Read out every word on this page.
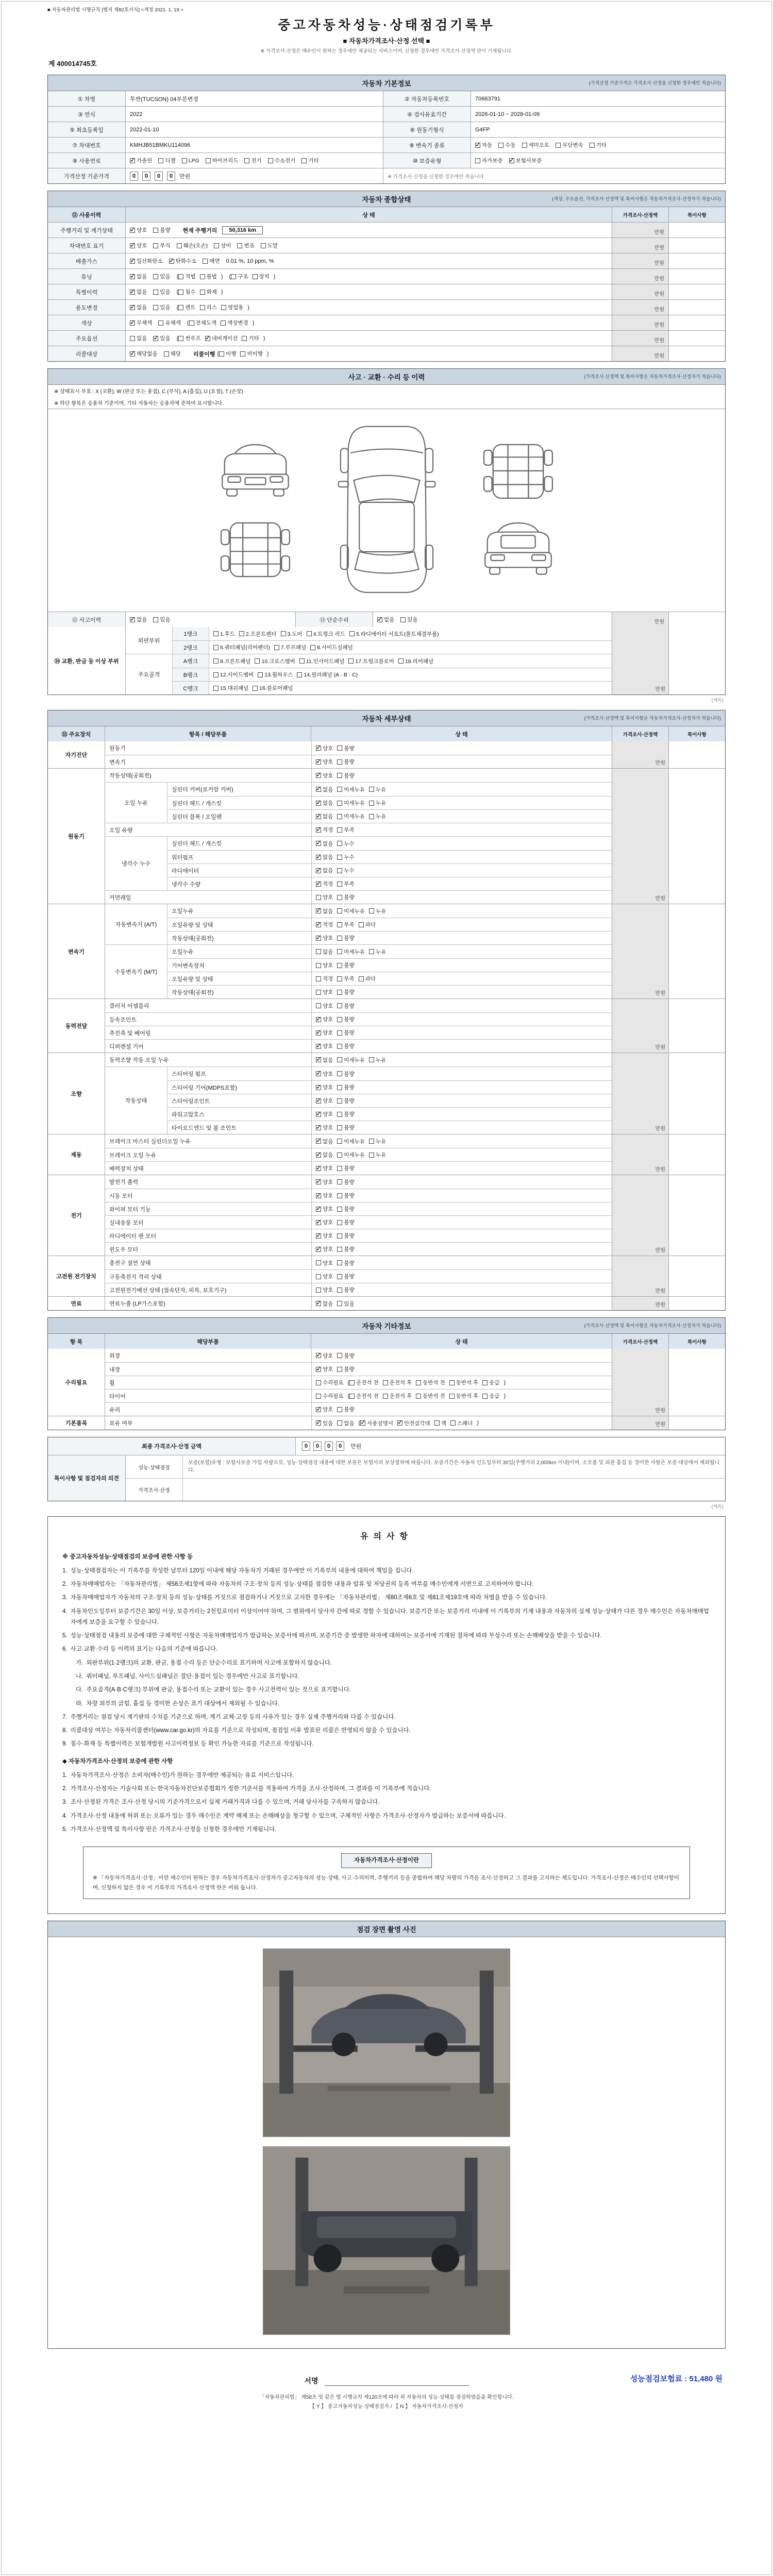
■ 자동차관리법 시행규칙 [별지 제82호서식] <개정 2021. 1. 19.>
중고자동차성능·상태점검기록부
■ 자동차가격조사·산정 선택 ■
※ 가격조사·산정은 매수인이 원하는 경우에만 제공되는 서비스이며, 신청한 경우에만 가격조사·산정액 란이 기재됩니다.
제 400014745호
자동차 기본정보	(가격산정 기준가격은 가격조사·산정을 신청한 경우에만 적습니다)
① 차명	투싼(TUCSON) 04부분변경	② 자동차등록번호	70663791
③ 연식	2022	④ 검사유효기간	2026-01-10 ~ 2028-01-09
⑤ 최초등록일	2022-01-10	⑥ 원동기형식	G4FP
⑦ 차대번호	KMHJB51BMKU114096	⑧ 변속기 종류 ✓	자동 수동 세미오토 무단변속 기타
⑨ 사용연료 ✓	가솔린 디젤 LPG 하이브리드 전기 수소전기 기타	⑩ 보증유형	자가보증 ✓ 보험사보증
가격산정 기준가격	0	0	0	0	만원	※ 가격조사·산정을 신청한 경우에만 적습니다
자동차 종합상태	(색상, 주요옵션, 가격조사·산정액 및 특이사항은 자동차가격조사·산정자가 적습니다)
⑪ 사용이력	상 태	가격조사·산정액	특이사항
주행거리 및 계기상태 ✓	양호 불량 현재 주행거리	50,316 km	만원
차대번호 표기 ✓	양호 부식 훼손(오손) 상이 변조 도말	만원
배출가스 ✓	일산화탄소 ✓ 탄화수소 매연 0.01 %, 10 ppm, %	만원
튜닝 ✓	없음 있음 ( 적법 불법 ) ( 구조 장치 )	만원
특별이력 ✓	없음 있음 ( 침수 화재 )	만원
용도변경 ✓	없음 있음 ( 렌트 리스 영업용 )	만원
색상 ✓	무채색 유채색 ( 전체도색 색상변경 )	만원
주요옵션	없음 ✓ 있음 ( 썬루프 ✓ 네비게이션 기타 )	만원
리콜대상 ✓	해당없음 해당 리콜이행 ( 이행 미이행 )	만원
사고 · 교환 · 수리 등 이력	(가격조사·산정액 및 특이사항은 자동차가격조사·산정자가 적습니다)
※ 상태표시 부호 : X (교환), W (판금 또는 용접), C (부식), A (흠집), U (요철), T (손상)
※ 하단 항목은 승용차 기준이며, 기타 자동차는 승용차에 준하여 표시합니다.
⑫ 사고이력 ✓	없음 있음	⑬ 단순수리 ✓	없음 있음	만원
⑭ 교환, 판금 등 이상 부위
외판부위
1랭크	1.후드 2.프론트펜더 3.도어 4.트렁크 리드 5.라디에이터 서포트(볼트체결부품)
2랭크	6.쿼터패널(리어펜더) 7.루프패널 8.사이드실패널
주요골격
A랭크	9.프론트패널 10.크로스멤버 11.인사이드패널 17.트렁크플로어 18.리어패널
B랭크	12.사이드멤버 13.휠하우스 14.필러패널 (A · B · C)
C랭크	15.대쉬패널 16.플로어패널	만원
(계속)
자동차 세부상태	(가격조사·산정액 및 특이사항은 자동차가격조사·산정자가 적습니다)
⑮ 주요장치	항목 / 해당부품	상 태	가격조사·산정액	특이사항
자기진단
원동기 ✓	양호 불량
변속기 ✓	양호 불량	만원
원동기
작동상태(공회전) ✓	양호 불량
오일 누유
실린더 커버(로커암 커버) ✓	없음 미세누유 누유
실린더 헤드 / 개스킷 ✓	없음 미세누유 누유
실린더 블록 / 오일팬 ✓	없음 미세누유 누유
오일 유량 ✓	적정 부족
냉각수 누수
실린더 헤드 / 개스킷 ✓	없음 누수
워터펌프 ✓	없음 누수
라디에이터 ✓	없음 누수
냉각수 수량 ✓	적정 부족
커먼레일	양호 불량	만원
변속기
자동변속기 (A/T)
오일누유 ✓	없음 미세누유 누유
오일유량 및 상태 ✓	적정 부족 과다
작동상태(공회전) ✓	양호 불량
수동변속기 (M/T)
오일누유	없음 미세누유 누유
기어변속장치	양호 불량
오일유량 및 상태	적정 부족 과다
작동상태(공회전)	양호 불량	만원
동력전달
클러치 어셈블리	양호 불량
등속조인트 ✓	양호 불량
추진축 및 베어링 ✓	양호 불량
디퍼렌셜 기어 ✓	양호 불량	만원
조향
동력조향 작동 오일 누유 ✓	없음 미세누유 누유
작동상태
스티어링 펌프 ✓	양호 불량
스티어링 기어(MDPS포함) ✓	양호 불량
스티어링조인트 ✓	양호 불량
파워고압호스 ✓	양호 불량
타이로드엔드 및 볼 조인트 ✓	양호 불량	만원
제동
브레이크 마스터 실린더오일 누유 ✓	없음 미세누유 누유
브레이크 오일 누유 ✓	없음 미세누유 누유
배력장치 상태 ✓	양호 불량	만원
전기
발전기 출력 ✓	양호 불량
시동 모터 ✓	양호 불량
와이퍼 모터 기능 ✓	양호 불량
실내송풍 모터 ✓	양호 불량
라디에이터 팬 모터 ✓	양호 불량
윈도우 모터 ✓	양호 불량	만원
고전원 전기장치
충전구 절연 상태	양호 불량
구동축전지 격리 상태	양호 불량
고전원전기배선 상태 (접속단자, 피복, 보호기구)	양호 불량	만원
연료	연료누출 (LP가스포함) ✓	없음 있음	만원
자동차 기타정보	(가격조사·산정액 및 특이사항은 자동차가격조사·산정자가 적습니다)
항 목	해당부품	상 태	가격조사·산정액	특이사항
수리필요
외장 ✓	양호 불량
내장 ✓	양호 불량
휠	수리필요 ( 운전석 전 운전석 후 동반석 전 동반석 후 응급 )
타이어	수리필요 ( 운전석 전 운전석 후 동반석 전 동반석 후 응급 )
유리 ✓	양호 불량	만원
기본품목	보유 여부 ✓	있음 없음 ( ✓ 사용설명서 ✓ 안전삼각대 잭 스패너 )	만원
최종 가격조사·산정 금액	0	0	0	0	만원
특이사항 및 점검자의 의견
성능·상태점검
보증(보험)유형 : 보험사보증 가입 차량으로, 성능·상태점검 내용에 대한 보증은 보험사의 보상절차에 따릅니다. 보증기간은 자동차 인도일부터 30일(주행거리 2,000km 이내)이며, 소모품 및 외관 흠집 등 경미한 사항은 보증 대상에서 제외됩니다.
가격조사·산정
(계속)
유의사항
※ 중고자동차성능·상태점검의 보증에 관한 사항 등
1. 성능·상태점검자는 이 기록부를 작성한 날부터 120일 이내에 해당 자동차가 거래된 경우에만 이 기록부의 내용에 대하여 책임을 집니다.
2. 자동차매매업자는 「자동차관리법」 제58조제1항에 따라 자동차의 구조·장치 등의 성능·상태를 점검한 내용과 압류 및 저당권의 등록 여부를 매수인에게 서면으로 고지하여야 합니다.
3. 자동차매매업자가 자동차의 구조·장치 등의 성능·상태를 거짓으로 점검하거나 거짓으로 고지한 경우에는 「자동차관리법」 제80조제6호 및 제81조제19호에 따라 처벌을 받을 수 있습니다.
4. 자동차인도일부터 보증기간은 30일 이상, 보증거리는 2천킬로미터 이상이어야 하며, 그 범위에서 당사자 간에 따로 정할 수 있습니다. 보증기간 또는 보증거리 이내에 이 기록부의 기재 내용과 자동차의 실제 성능·상태가 다른 경우 매수인은 자동차매매업자에게 보증을 요구할 수 있습니다.
5. 성능·상태점검 내용의 보증에 대한 구체적인 사항은 자동차매매업자가 발급하는 보증서에 따르며, 보증기간 중 발생한 하자에 대하여는 보증서에 기재된 절차에 따라 무상수리 또는 손해배상을 받을 수 있습니다.
6. 사고·교환·수리 등 이력의 표기는 다음의 기준에 따릅니다.
가. 외판부위(1·2랭크)의 교환, 판금, 용접 수리 등은 단순수리로 표기하며 사고에 포함하지 않습니다.
나. 쿼터패널, 루프패널, 사이드실패널은 절단·용접이 있는 경우에만 사고로 표기합니다.
다. 주요골격(A·B·C랭크) 부위에 판금, 용접수리 또는 교환이 있는 경우 사고전력이 있는 것으로 표기합니다.
라. 차량 외부의 긁힘, 흠집 등 경미한 손상은 표기 대상에서 제외될 수 있습니다.
7. 주행거리는 점검 당시 계기판의 수치를 기준으로 하며, 계기 교체·고장 등의 사유가 있는 경우 실제 주행거리와 다를 수 있습니다.
8. 리콜대상 여부는 자동차리콜센터(www.car.go.kr)의 자료를 기준으로 작성되며, 점검일 이후 발표된 리콜은 반영되지 않을 수 있습니다.
9. 침수·화재 등 특별이력은 보험개발원 사고이력정보 등 확인 가능한 자료를 기준으로 작성됩니다.
◆ 자동차가격조사·산정의 보증에 관한 사항
1. 자동차가격조사·산정은 소비자(매수인)가 원하는 경우에만 제공되는 유료 서비스입니다.
2. 가격조사·산정자는 기술사회 또는 한국자동차진단보증협회가 정한 기준서를 적용하여 가격을 조사·산정하며, 그 결과를 이 기록부에 적습니다.
3. 조사·산정된 가격은 조사·산정 당시의 기준가격으로서 실제 거래가격과 다를 수 있으며, 거래 당사자를 구속하지 않습니다.
4. 가격조사·산정 내용에 허위 또는 오류가 있는 경우 매수인은 계약 해제 또는 손해배상을 청구할 수 있으며, 구체적인 사항은 가격조사·산정자가 발급하는 보증서에 따릅니다.
5. 가격조사·산정액 및 특이사항 란은 가격조사·산정을 신청한 경우에만 기재됩니다.
자동차가격조사·산정이란
※ 「자동차가격조사·산정」이란 매수인이 원하는 경우 자동차가격조사·산정자가 중고자동차의 성능·상태, 사고·수리이력, 주행거리 등을 종합하여 해당 차량의 가격을 조사·산정하고 그 결과를 고지하는 제도입니다. 가격조사·산정은 매수인의 선택사항이며, 신청하지 않은 경우 이 기록부의 가격조사·산정액 란은 비워 둡니다.
점검 장면 촬영 사진
서명	성능점검보험료 : 51,480 원
「자동차관리법」 제58조 및 같은 법 시행규칙 제120조에 따라 위 자동차의 성능·상태를 점검하였음을 확인합니다.
【 Y 】 중고자동차성능·상태점검자 / 【 N 】 자동차가격조사·산정자
